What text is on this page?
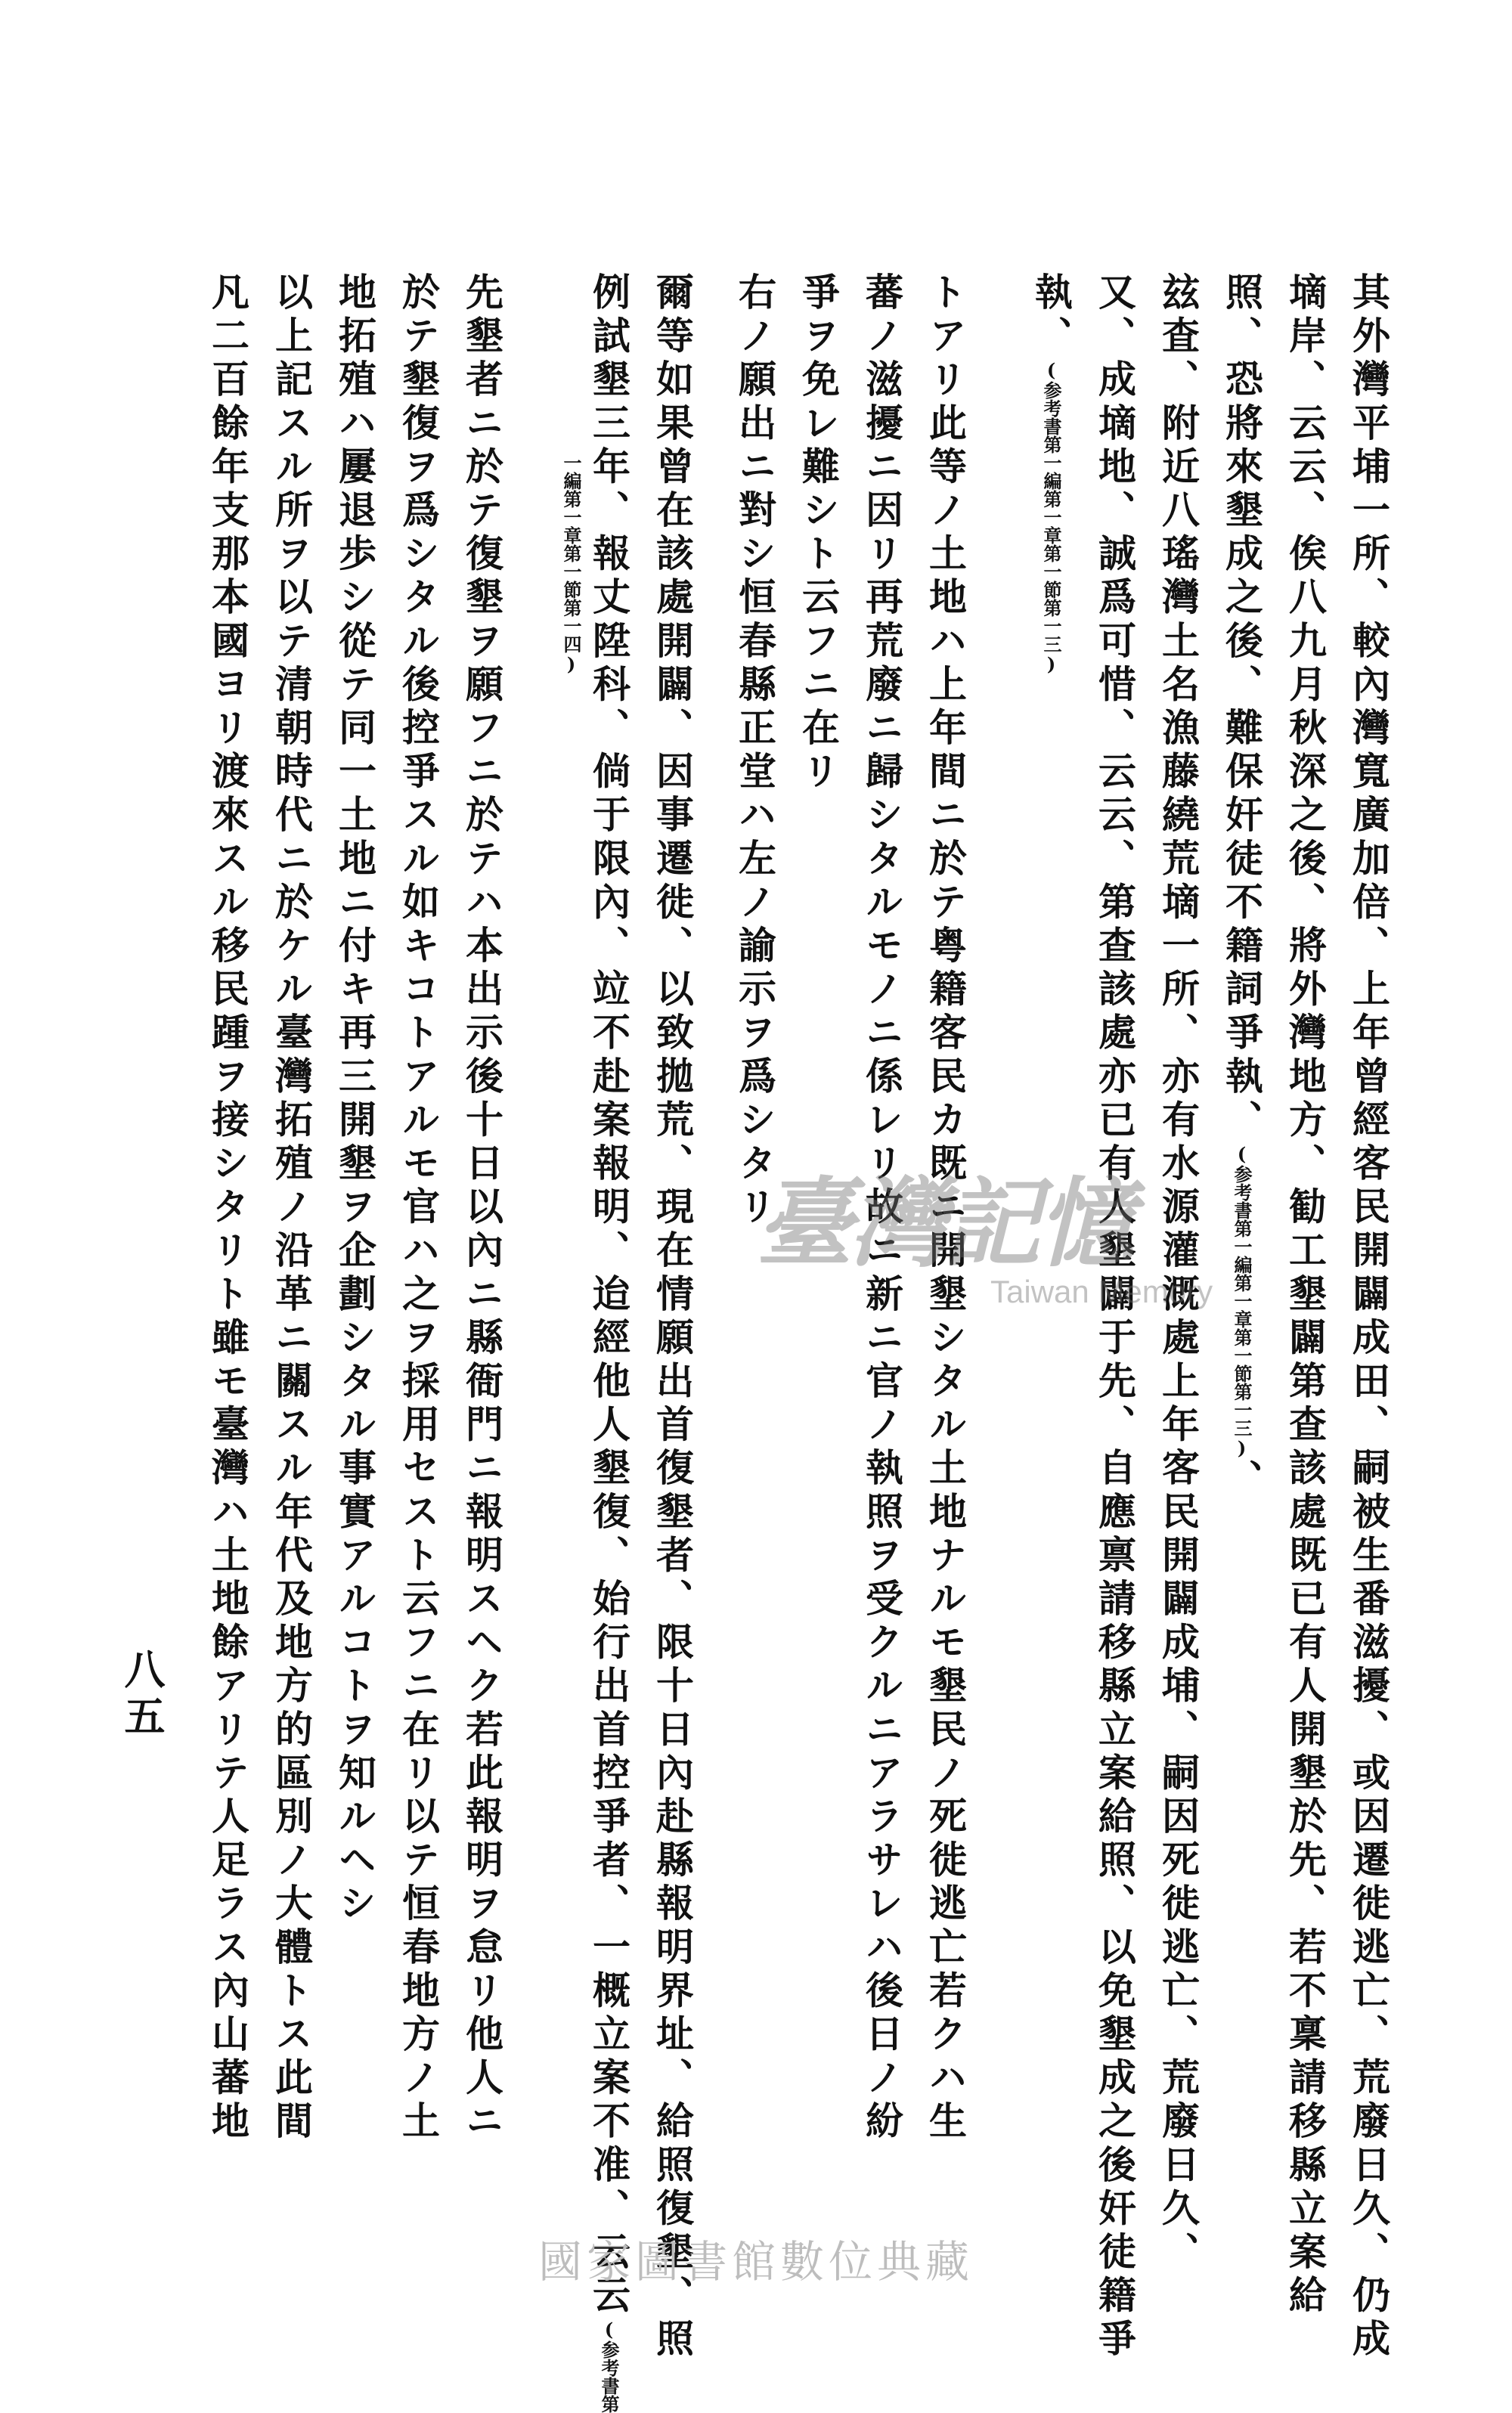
其外灣平埔一所、較內灣寬廣加倍、上年曾經客民開闢成田、嗣被生番滋擾、或因遷徙逃亡、荒廢日久、仍成
墑岸、云云、俟八九月秋深之後、將外灣地方、勧工墾闢第查該處既已有人開墾於先、若不稟請移縣立案給
照、恐將來墾成之後、難保奸徒不籍詞爭執、(参考書第一編第一章第一節第一三)、
玆査、附近八瑤灣土名漁藤繞荒墑一所、亦有水源灌溉處上年客民開闢成埔、嗣因死徙逃亡、荒廢日久、
又、成墑地、誠爲可惜、云云、第查該處亦已有人墾闢于先、自應禀請移縣立案給照、以免墾成之後奸徒籍爭
執、(参考書第一編第一章第一節第一三)
トアリ此等ノ土地ハ上年間ニ於テ粤籍客民カ既ニ開墾シタル土地ナルモ墾民ノ死徙逃亡若クハ生
蕃ノ滋擾ニ因リ再荒廢ニ歸シタルモノニ係レリ故ニ新ニ官ノ執照ヲ受クルニアラサレハ後日ノ紛
爭ヲ免レ難シト云フニ在リ
右ノ願出ニ對シ恒春縣正堂ハ左ノ諭示ヲ爲シタリ
爾等如果曾在該處開闢、因事遷徙、以致拋荒、現在情願出首復墾者、限十日內赴縣報明界址、給照復墾、照
例試墾三年、報丈陞科、倘于限內、竝不赴案報明、迨經他人墾復、始行出首控爭者、一概立案不准、云云(参考書第
一編第一章第一節第一四)
先墾者ニ於テ復墾ヲ願フニ於テハ本出示後十日以內ニ縣衙門ニ報明スヘク若此報明ヲ怠リ他人ニ
於テ墾復ヲ爲シタル後控爭スル如キコトアルモ官ハ之ヲ採用セスト云フニ在リ以テ恒春地方ノ土
地拓殖ハ屢退歩シ從テ同一土地ニ付キ再三開墾ヲ企劃シタル事實アルコトヲ知ルヘシ
以上記スル所ヲ以テ清朝時代ニ於ケル臺灣拓殖ノ沿革ニ關スル年代及地方的區別ノ大體トス此間
凡二百餘年支那本國ヨリ渡來スル移民踵ヲ接シタリト雖モ臺灣ハ土地餘アリテ人足ラス內山蕃地
八五
臺灣記憶
Taiwan Memory
國家圖書館數位典藏
